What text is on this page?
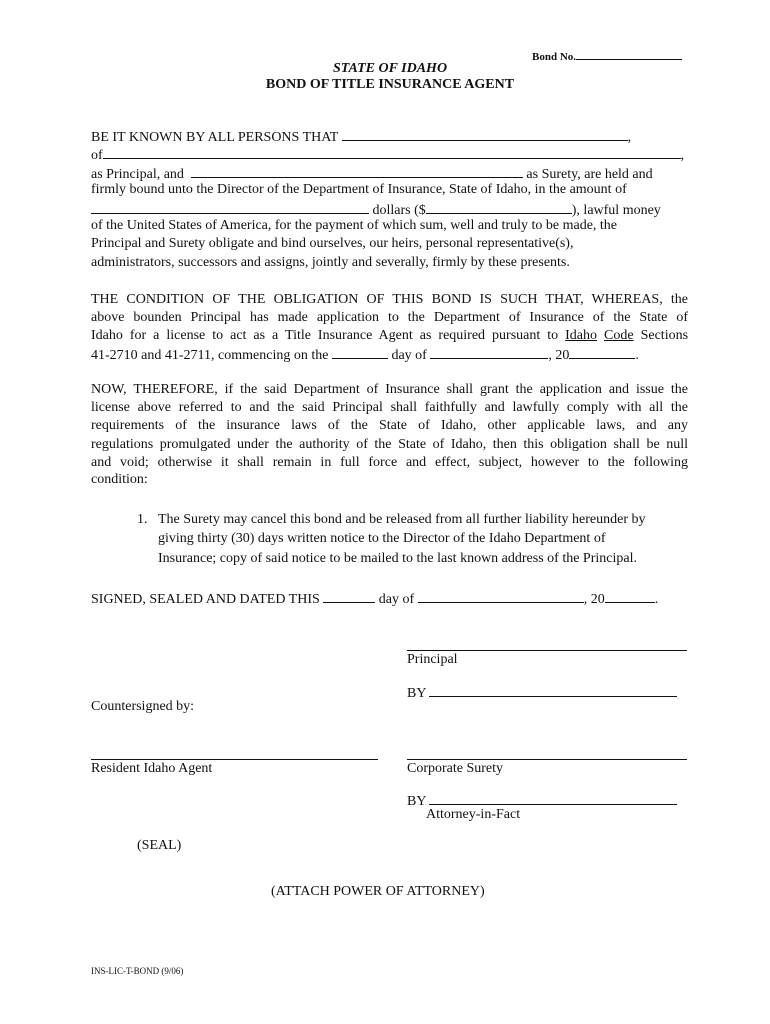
Bond No.
STATE OF IDAHO
BOND OF TITLE INSURANCE AGENT
BE IT KNOWN BY ALL PERSONS THAT	,
of	,
as Principal, and	as Surety, are held and
firmly bound unto the Director of the Department of Insurance, State of Idaho, in the amount of
dollars ($	), lawful money
of the United States of America, for the payment of which sum, well and truly to be made, the
Principal and Surety obligate and bind ourselves, our heirs, personal representative(s),
administrators, successors and assigns, jointly and severally, firmly by these presents.
THE CONDITION OF THE OBLIGATION OF THIS BOND IS SUCH THAT, WHEREAS, the
above bounden Principal has made application to the Department of Insurance of the State of
Idaho for a license to act as a Title Insurance Agent as required pursuant to Idaho Code Sections
41-2710 and 41-2711, commencing on the	day of	, 20	.
NOW, THEREFORE, if the said Department of Insurance shall grant the application and issue the
license above referred to and the said Principal shall faithfully and lawfully comply with all the
requirements of the insurance laws of the State of Idaho, other applicable laws, and any
regulations promulgated under the authority of the State of Idaho, then this obligation shall be null
and void; otherwise it shall remain in full force and effect, subject, however to the following
condition:
1. The Surety may cancel this bond and be released from all further liability hereunder by
giving thirty (30) days written notice to the Director of the Idaho Department of
Insurance; copy of said notice to be mailed to the last known address of the Principal.
SIGNED, SEALED AND DATED THIS	day of	, 20	.
Principal
BY
Countersigned by:
Resident Idaho Agent	Corporate Surety
BY
Attorney-in-Fact
(SEAL)
(ATTACH POWER OF ATTORNEY)
INS-LIC-T-BOND (9/06)
